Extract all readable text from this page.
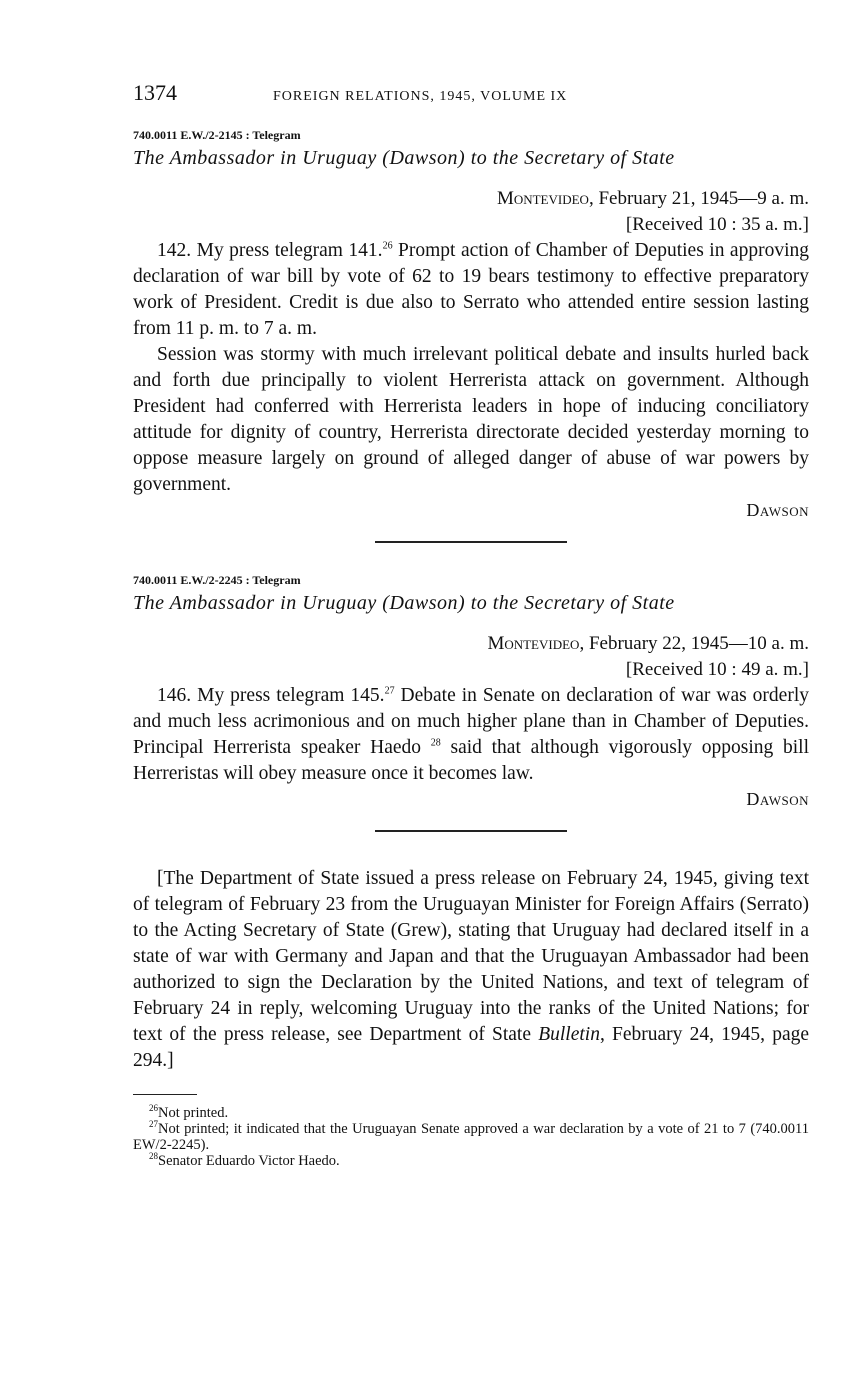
1374	FOREIGN RELATIONS, 1945, VOLUME IX
740.0011 E.W./2-2145 : Telegram
The Ambassador in Uruguay (Dawson) to the Secretary of State
Montevideo, February 21, 1945—9 a. m.
[Received 10 : 35 a. m.]

142. My press telegram 141.26 Prompt action of Chamber of Deputies in approving declaration of war bill by vote of 62 to 19 bears testimony to effective preparatory work of President. Credit is due also to Serrato who attended entire session lasting from 11 p. m. to 7 a. m.

Session was stormy with much irrelevant political debate and insults hurled back and forth due principally to violent Herrerista attack on government. Although President had conferred with Herrerista leaders in hope of inducing conciliatory attitude for dignity of country, Herrerista directorate decided yesterday morning to oppose measure largely on ground of alleged danger of abuse of war powers by government.

Dawson
740.0011 E.W./2-2245 : Telegram
The Ambassador in Uruguay (Dawson) to the Secretary of State
Montevideo, February 22, 1945—10 a. m.
[Received 10 : 49 a. m.]

146. My press telegram 145.27 Debate in Senate on declaration of war was orderly and much less acrimonious and on much higher plane than in Chamber of Deputies. Principal Herrerista speaker Haedo $^{28}$ said that although vigorously opposing bill Herreristas will obey measure once it becomes law.

Dawson

[The Department of State issued a press release on February 24, 1945, giving text of telegram of February 23 from the Uruguayan Minister for Foreign Affairs (Serrato) to the Acting Secretary of State (Grew), stating that Uruguay had declared itself in a state of war with Germany and Japan and that the Uruguayan Ambassador had been authorized to sign the Declaration by the United Nations, and text of telegram of February 24 in reply, welcoming Uruguay into the ranks of the United Nations; for text of the press release, see Department of State Bulletin, February 24, 1945, page 294.]

$^{26}$Not printed.
$^{27}$Not printed; it indicated that the Uruguayan Senate approved a war declaration by a vote of 21 to 7 (740.0011 EW/2-2245).
$^{28}$Senator Eduardo Victor Haedo.
